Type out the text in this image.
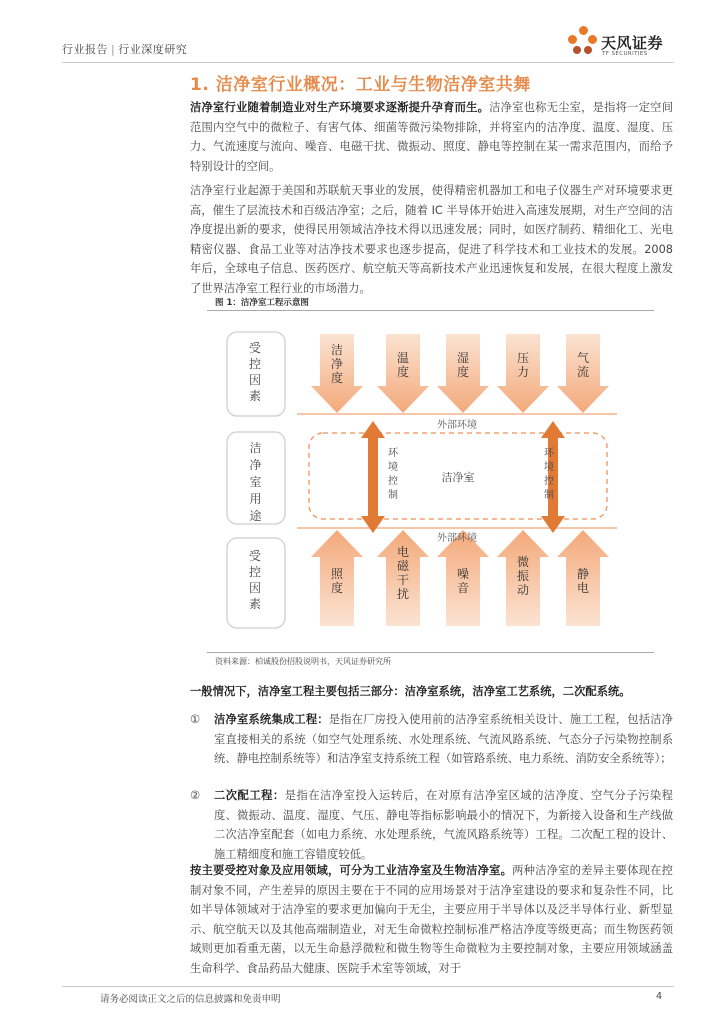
行业报告 | 行业深度研究	天风证券
TF SECURITIES
1. 洁净室行业概况：工业与生物洁净室共舞
洁净室行业随着制造业对生产环境要求逐渐提升孕育而生。洁净室也称无尘室，是指将一定空间范围内空气中的微粒子、有害气体、细菌等微污染物排除，并将室内的洁净度、温度、湿度、压力、气流速度与流向、噪音、电磁干扰、微振动、照度、静电等控制在某一需求范围内，而给予特别设计的空间。
洁净室行业起源于美国和苏联航天事业的发展，使得精密机器加工和电子仪器生产对环境要求更高，催生了层流技术和百级洁净室；之后，随着 IC 半导体开始进入高速发展期，对生产空间的洁净度提出新的要求，使得民用领域洁净技术得以迅速发展；同时，如医疗制药、精细化工、光电精密仪器、食品工业等对洁净技术要求也逐步提高，促进了科学技术和工业技术的发展。2008 年后，全球电子信息、医药医疗、航空航天等高新技术产业迅速恢复和发展，在很大程度上激发了世界洁净室工程行业的市场潜力。
图 1：洁净室工程示意图
受控因素
洁净室用途
受控因素
洁净度
温度
湿度
压力
气流
照度
电磁干扰
噪音
微振动
静电
外部环境
外部环境
洁净室
环境控制
环境控制
资料来源：柏诚股份招股说明书，天风证券研究所
一般情况下，洁净室工程主要包括三部分：洁净室系统，洁净室工艺系统，二次配系统。
①	洁净室系统集成工程：是指在厂房投入使用前的洁净室系统相关设计、施工工程，包括洁净室直接相关的系统（如空气处理系统、水处理系统、气流风路系统、气态分子污染物控制系统、静电控制系统等）和洁净室支持系统工程（如管路系统、电力系统、消防安全系统等）；
②	二次配工程：是指在洁净室投入运转后，在对原有洁净室区域的洁净度、空气分子污染程度、微振动、温度、湿度、气压、静电等指标影响最小的情况下，为新接入设备和生产线做二次洁净室配套（如电力系统、水处理系统，气流风路系统等）工程。二次配工程的设计、施工精细度和施工容错度较低。
按主要受控对象及应用领域，可分为工业洁净室及生物洁净室。两种洁净室的差异主要体现在控制对象不同，产生差异的原因主要在于不同的应用场景对于洁净室建设的要求和复杂性不同，比如半导体领域对于洁净室的要求更加偏向于无尘，主要应用于半导体以及泛半导体行业、新型显示、航空航天以及其他高端制造业，对无生命微粒控制标准严格洁净度等级更高；而生物医药领域则更加看重无菌，以无生命悬浮微粒和微生物等生命微粒为主要控制对象，主要应用领域涵盖生命科学、食品药品大健康、医院手术室等领域，对于
请务必阅读正文之后的信息披露和免责申明	4
